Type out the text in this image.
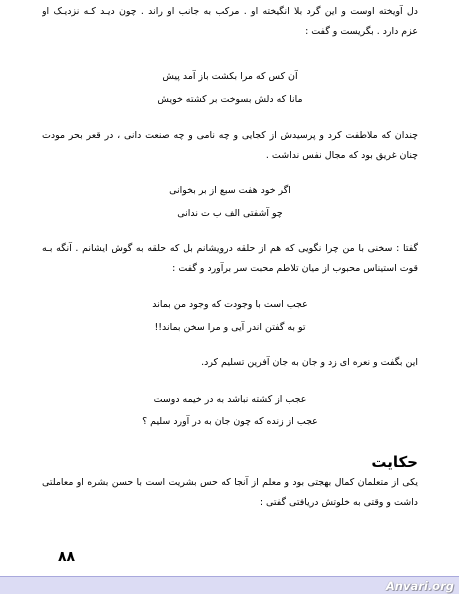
دل آویخته اوست و این گرد بلا انگیخته او . مرکب به جانب او راند . چون دیـد کـه نزدیـک او
عزم دارد . بگریست و گفت :
آن کس که مرا بکشت باز آمد پیش
مانا که دلش بسوخت بر کشته خویش
چندان که ملاطفت کرد و پرسیدش از کجایی و چه نامی و چه صنعت دانی ، در قعر بحر مودت
چنان غریق بود که مجال نفس نداشت .
اگر خود هفت سبع از بر بخوانی
چو آشفتی الف ب ت ندانی
گفتا : سخنی با من چرا نگویی که هم از حلقه درویشانم بل که حلقه به گوش ایشانم . آنگه بـه
قوت استیناس محبوب از میان تلاطم محبت سر برآورد و گفت :
عجب است با وجودت که وجود من بماند
تو به گفتن اندر آیی و مرا سخن بماند!!
این بگفت و نعره ای زد و جان به جان آفرین تسلیم کرد.
عجب از کشته نباشد به در خیمه دوست
عجب از زنده که چون جان به در آورد سلیم ؟
حکایت
یکی از متعلمان کمال بهجتی بود و معلم از آنجا که حس بشریت است با حسن بشره او معاملتی
داشت و وقتی به خلوتش دریافتی گفتی :
۸۸
Anvari.org
